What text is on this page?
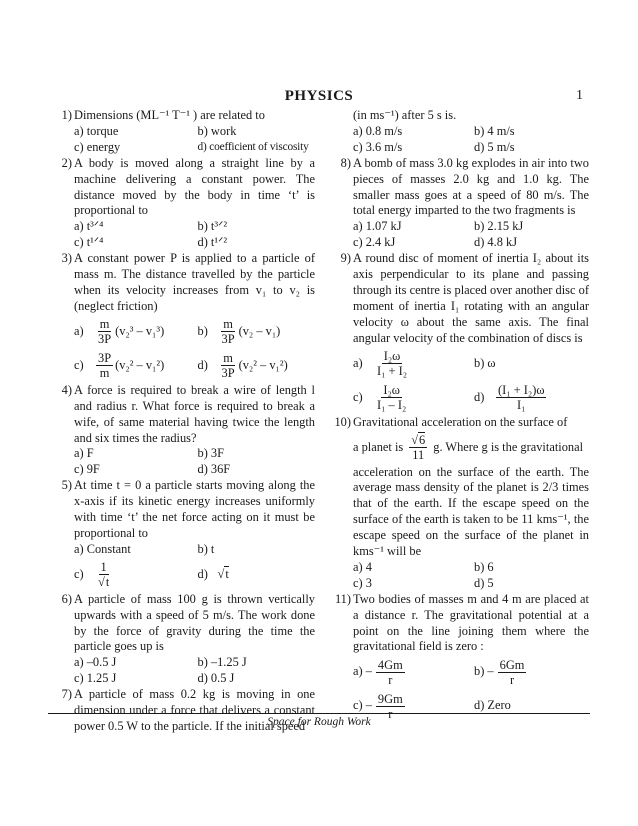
PHYSICS	1
1) Dimensions (ML⁻¹ T⁻¹ ) are related to
a) torque	b) work
c) energy	d) coefficient of viscosity
2) A body is moved along a straight line by a machine delivering a constant power. The distance moved by the body in time ‘t’ is proportional to
a) t³ᐟ⁴	b) t³ᐟ²
c) t¹ᐟ⁴	d) t¹ᐟ²
3) A constant power P is applied to a particle of mass m. The distance travelled by the particle when its velocity increases from v₁ to v₂ is (neglect friction)
$a) \frac{m}{3P} (v_2^3 - v_1^3)$	$b) \frac{m}{3P} (v_2 - v_1)$
$c) \frac{3P}{m} (v_2^2 - v_1^2)$	$d) \frac{m}{3P} (v_2^2 - v_1^2)$
4) A force is required to break a wire of length l and radius r. What force is required to break a wife, of same material having twice the length and six times the radius?
a) F	b) 3F
c) 9F	d) 36F
5) At time t = 0 a particle starts moving along the x-axis if its kinetic energy increases uniformly with time ‘t’ the net force acting on it must be proportional to
a) Constant	b) t
$c) \frac{1}{√t}$	d) √t
6) A particle of mass 100 g is thrown vertically upwards with a speed of 5 m/s. The work done by the force of gravity during the time the particle goes up is
a) –0.5 J	b) –1.25 J
c) 1.25 J	d) 0.5 J
7) A particle of mass 0.2 kg is moving in one dimension under a force that delivers a constant power 0.5 W to the particle. If the initial speed
(in ms⁻¹) after 5 s is.
a) 0.8 m/s	b) 4 m/s
c) 3.6 m/s	d) 5 m/s
8) A bomb of mass 3.0 kg explodes in air into two pieces of masses 2.0 kg and 1.0 kg. The smaller mass goes at a speed of 80 m/s. The total energy imparted to the two fragments is
a) 1.07 kJ	b) 2.15 kJ
c) 2.4 kJ	d) 4.8 kJ
9) A round disc of moment of inertia I₂ about its axis perpendicular to its plane and passing through its centre is placed over another disc of moment of inertia I₁ rotating with an angular velocity ω about the same axis. The final angular velocity of the combination of discs is
$a) \frac{\text{I₂ω}}{\text{I₁ + I₂}}$	b) ω
$c) \frac{\text{I₂ω}}{\text{I₁ – I₂}}$	$d) \frac{\text{(I₁ + I₂)ω}}{\text{I₁}}$
10) Gravitational acceleration on the surface of
a planet is $\frac{√6}{11} g$. Where g is the gravitational
acceleration on the surface of the earth. The average mass density of the planet is 2/3 times that of the earth. If the escape speed on the surface of the earth is taken to be 11 kms⁻¹, the escape speed on the surface of the planet in kms⁻¹ will be
a) 4	b) 6
c) 3	d) 5
11) Two bodies of masses m and 4 m are placed at a distance r. The gravitational potential at a point on the line joining them where the gravitational field is zero :
$a) - \frac{4Gm}{r}$	$b) - \frac{6Gm}{r}$
$c) - \frac{9Gm}{r}$	d) Zero
Space for Rough Work
